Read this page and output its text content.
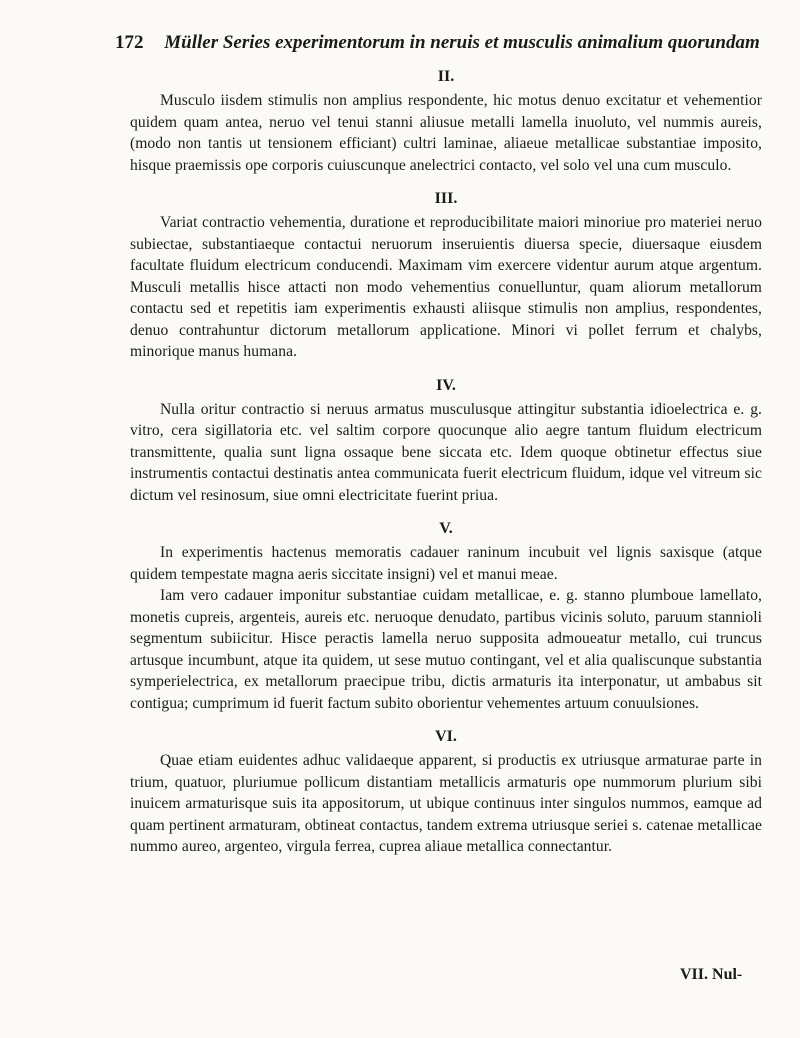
172 Müller Series experimentorum in neruis et musculis animalium quorundam
II.

Musculo iisdem stimulis non amplius respondente, hic motus denuo excitatur et vehementior quidem quam antea, neruo vel tenui stanni aliusue metalli lamella inuoluto, vel nummis aureis, (modo non tantis ut tensionem efficiant) cultri laminae, aliaeue metallicae substantiae imposito, hisque praemissis ope corporis cuiuscunque anelectrici contacto, vel solo vel una cum musculo.

III.

Variat contractio vehementia, duratione et reproducibilitate maiori minoriue pro materiei neruo subiectae, substantiaeque contactui neruorum inseruientis diuersa specie, diuersaque eiusdem facultate fluidum electricum conducendi. Maximam vim exercere videntur aurum atque argentum. Musculi metallis hisce attacti non modo vehementius conuelluntur, quam aliorum metallorum contactu sed et repetitis iam experimentis exhausti aliisque stimulis non amplius, respondentes, denuo contrahuntur dictorum metallorum applicatione. Minori vi pollet ferrum et chalybs, minorique manus humana.

IV.

Nulla oritur contractio si neruus armatus musculusque attingitur substantia idioelectrica e. g. vitro, cera sigillatoria etc. vel saltim corpore quocunque alio aegre tantum fluidum electricum transmittente, qualia sunt ligna ossaque bene siccata etc. Idem quoque obtinetur effectus siue instrumentis contactui destinatis antea communicata fuerit electricum fluidum, idque vel vitreum sic dictum vel resinosum, siue omni electricitate fuerint priua.

V.

In experimentis hactenus memoratis cadauer raninum incubuit vel lignis saxisque (atque quidem tempestate magna aeris siccitate insigni) vel et manui meae.

Iam vero cadauer imponitur substantiae cuidam metallicae, e. g. stanno plumboue lamellato, monetis cupreis, argenteis, aureis etc. neruoque denudato, partibus vicinis soluto, paruum stannioli segmentum subiicitur. Hisce peractis lamella neruo supposita admoueatur metallo, cui truncus artusque incumbunt, atque ita quidem, ut sese mutuo contingant, vel et alia qualiscunque substantia symperielectrica, ex metallorum praecipue tribu, dictis armaturis ita interponatur, ut ambabus sit contigua; cumprimum id fuerit factum subito oborientur vehementes artuum conuulsiones.

VI.

Quae etiam euidentes adhuc validaeque apparent, si productis ex utriusque armaturae parte in trium, quatuor, pluriumue pollicum distantiam metallicis armaturis ope nummorum plurium sibi inuicem armaturisque suis ita appositorum, ut ubique continuus inter singulos nummos, eamque ad quam pertinent armaturam, obtineat contactus, tandem extrema utriusque seriei s. catenae metallicae nummo aureo, argenteo, virgula ferrea, cuprea aliaue metallica connectantur.

VII. Nul-
